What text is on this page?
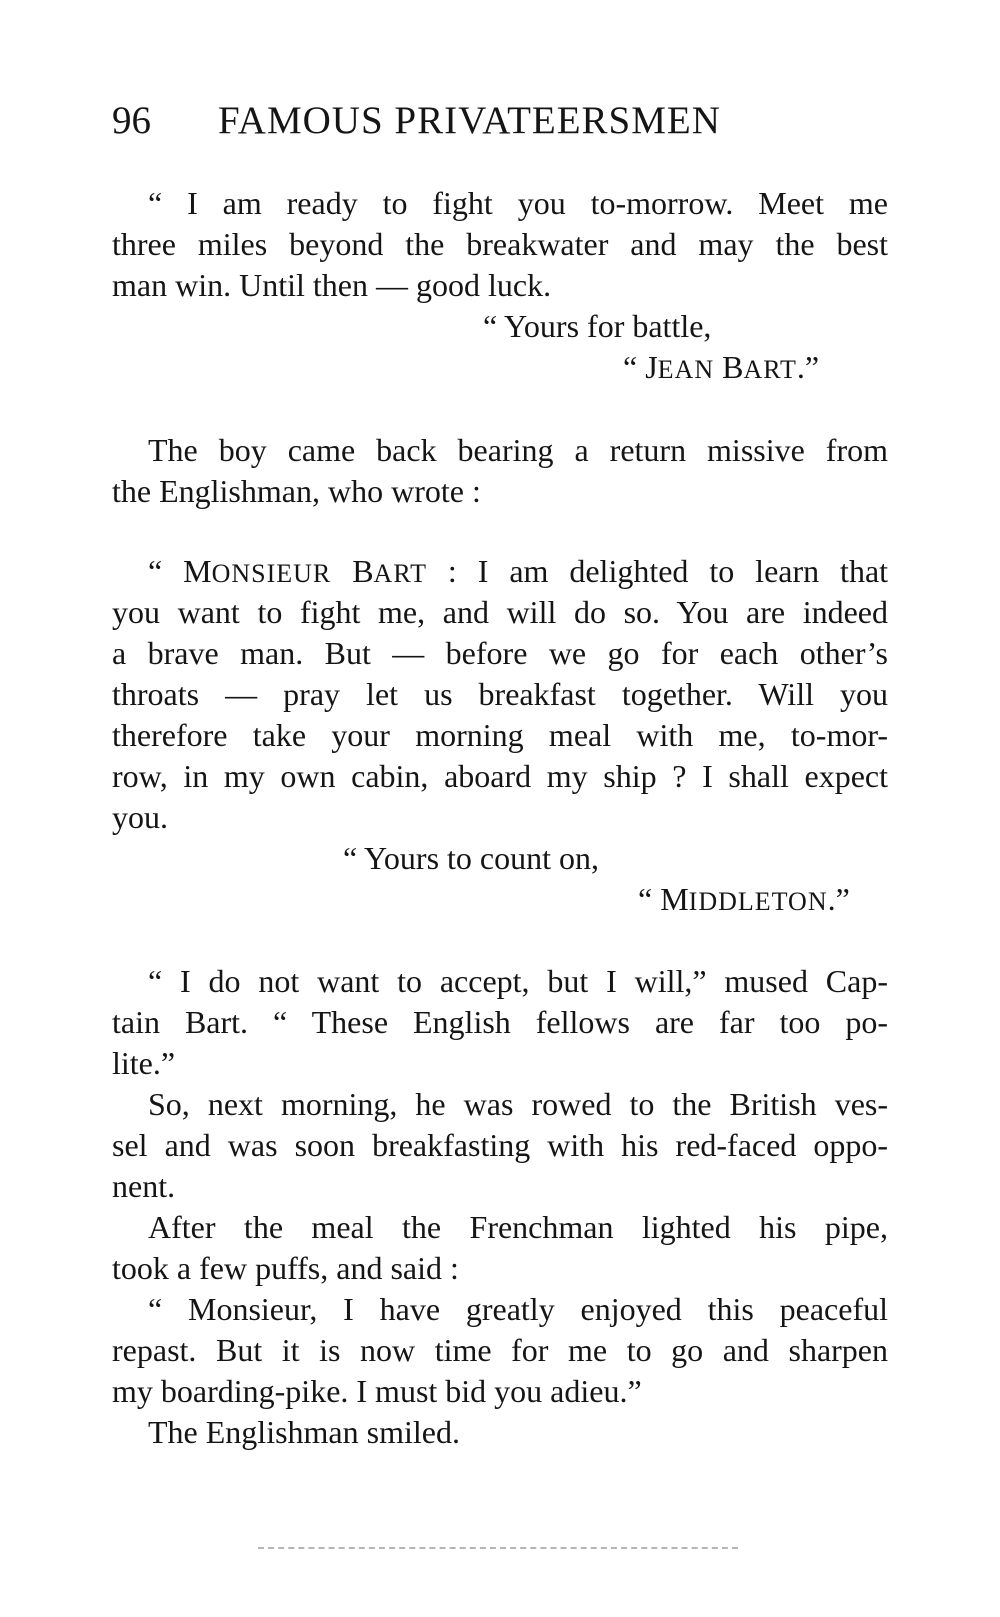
96 FAMOUS PRIVATEERSMEN
“ I am ready to fight you to-morrow. Meet me
three miles beyond the breakwater and may the best
man win. Until then — good luck.
“ Yours for battle,
“ JEAN BART.”
The boy came back bearing a return missive from
the Englishman, who wrote :
“ MONSIEUR BART : I am delighted to learn that
you want to fight me, and will do so. You are indeed
a brave man. But — before we go for each other’s
throats — pray let us breakfast together. Will you
therefore take your morning meal with me, to-mor-
row, in my own cabin, aboard my ship ? I shall expect
you.
“ Yours to count on,
“ MIDDLETON.”
“ I do not want to accept, but I will,” mused Cap-
tain Bart. “ These English fellows are far too po-
lite.”
So, next morning, he was rowed to the British ves-
sel and was soon breakfasting with his red-faced oppo-
nent.
After the meal the Frenchman lighted his pipe,
took a few puffs, and said :
“ Monsieur, I have greatly enjoyed this peaceful
repast. But it is now time for me to go and sharpen
my boarding-pike. I must bid you adieu.”
The Englishman smiled.
